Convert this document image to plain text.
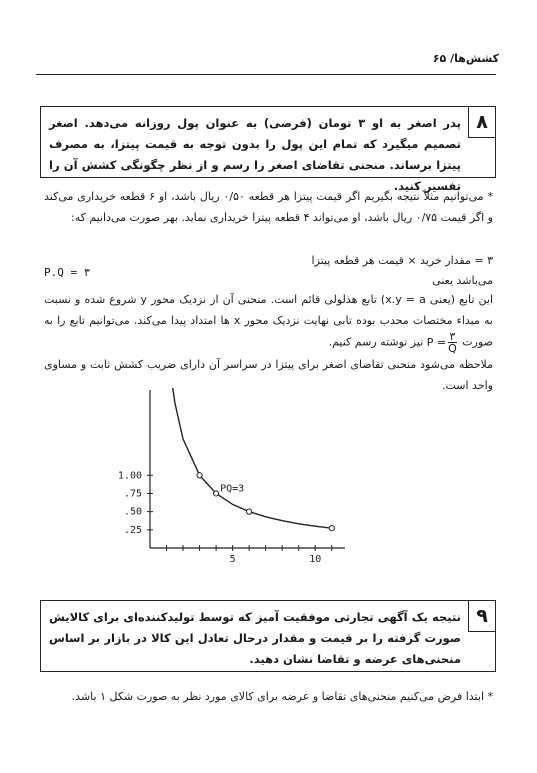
کشش‌ها/ ۶۵
۸
پدر اصغر به او ۳ تومان (فرضی) به عنوان پول روزانه می‌دهد. اصغر تصمیم میگیرد که تمام این پول را بدون توجه به قیمت پیتزا، به مصرف پیتزا برساند. منحنی تقاضای اصغر را رسم و از نظر چگونگی کشش آن را تفسیر کنید.
* می‌توانیم مثلاً نتیجه بگیریم اگر قیمت پیتزا هر قطعه ۰/۵۰ ریال باشد، او ۶ قطعه خریداری می‌کند و اگر قیمت ۰/۷۵ ریال باشد، او می‌تواند ۴ قطعه پیتزا خریداری نماید. بهر صورت می‌دانیم که:
۳ = مقدار خرید × قیمت هر قطعه پیتزا
P.Q = ۳
می‌باشد یعنی
این تابع (یعنی x.y = a) تابع هذلولی قائم است. منحنی آن از نزدیک محور y شروع شده و نسبت به مبداء مختصات محدب بوده تابی نهایت نزدیک محور x ها امتداد پیدا می‌کند. می‌توانیم تابع را به صورت $P = \frac{۳}{Q}$
نیز نوشته رسم کنیم.
ملاحظه می‌شود منحنی تقاضای اصغر برای پیتزا در سراسر آن دارای ضریب کشش ثابت و مساوی واحد است.
5	10
1.00
.75
.50
.25
PQ=3
۹
نتیجه یک آگهی تجارتی موفقیت آمیز که توسط تولیدکننده‌ای برای کالایش صورت گرفته را بر قیمت و مقدار درحال تعادل این کالا در بازار بر اساس منحنی‌های عرضه و تقاضا نشان دهید.
* ابتدا فرض می‌کنیم منحنی‌های تقاضا و عرضه برای کالای مورد نظر به صورت شکل ۱ باشد.
